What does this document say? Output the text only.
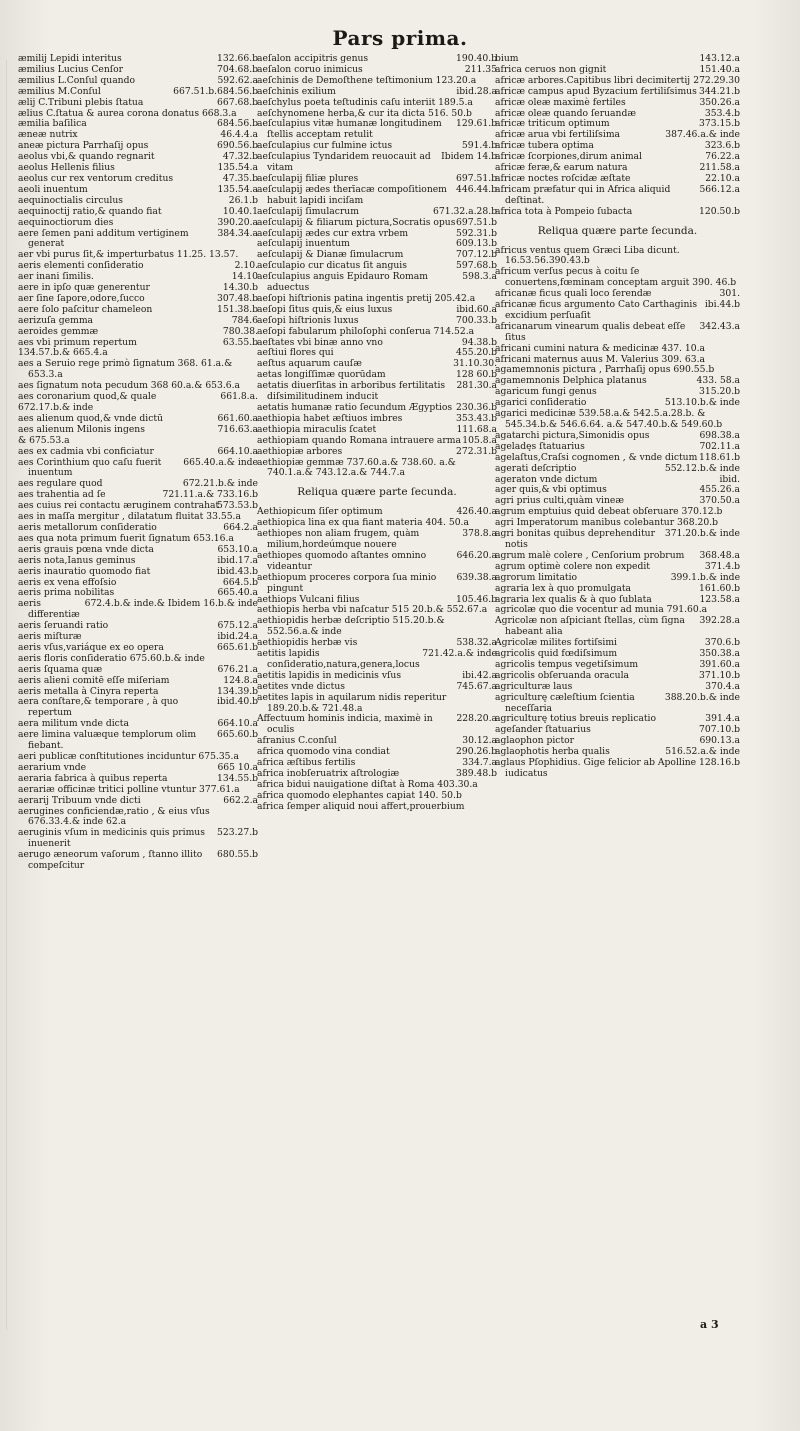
Pars prima.
132.66.b
æmilij Lepidi interitus
704.68.b
æmilius Lucius Cenſor
592.62.a
æmilius L.Conſul quando
667.51.b.684.56.b
æmilius M.Conſul
667.68.b
ælij C.Tribuni plebis ſtatua
ælius C.ſtatua & aurea corona donatus 668.3.a
684.56.b
æmilia baſilica
46.4.4.a
æneæ nutrix
690.56.b
aneæ pictura Parrhaſij opus
47.32.b
aeolus vbi,& quando regnarit
135.54.a
aeolus Hellenis filius
47.35.b
aeolus cur rex ventorum creditus
135.54.a
aeoli inuentum
26.1.b
aequinoctialis circulus
10.40.1
aequinoctij ratio,& quando fiat
390.20.a
aequinoctiorum dies
384.34.a
aere ſemen pani additum vertiginem generat
aer vbi purus ſit,& imperturbatus 11.25. 13.57.
2.10.
aeris elementi conſideratio
14.10
aer inani ſimilis.
14.30.b
aere in ipſo quæ generentur
307.48.b
aer ſine ſapore,odore,ſucco
151.38.b
aere ſolo paſcitur chameleon
784.6
aerizuſa gemma
780.38.
aeroides gemmæ
63.55.b
aes vbi primum repertum
134.57.b.& 665.4.a
aes a Seruio rege primò ſignatum 368. 61.a.& 653.3.a
aes ſignatum nota pecudum 368 60.a.& 653.6.a
661.8.a.
aes coronarium quod,& quale
672.17.b.& inde
661.60.a
aes alienum quod,& vnde dictū
716.63.a
aes alienum Milonis ingens
& 675.53.a
664.10.a
aes ex cadmia vbi conficiatur
665.40.a.& inde
aes Corinthium quo caſu fuerit inuentum
672.21.b.& inde
aes regulare quod
721.11.a.& 733.16.b
aes trahentia ad ſe
573.53.b
aes cuius rei contactu æruginem contrahat
aes in maſſa mergitur , dilatatum fluitat 33.55.a
664.2.a
aeris metallorum conſideratio
aes qua nota primum fuerit ſignatum 653.16.a
653.10.a
aeris grauis pœna vnde dicta
ibid.17.a
aeris nota,Ianus geminus
ibid.43.b
aeris inauratio quomodo fiat
664.5.b
aeris ex vena effoſsio
665.40.a
aeris prima nobilitas
672.4.b.& inde.& Ibidem 16.b.& inde
aeris differentiæ
675.12.a
aeris ſeruandi ratio
ibid.24.a
aeris miſturæ
665.61.b
aeris vſus,variáque ex eo opera
aeris floris conſideratio 675.60.b.& inde
676.21.a
aeris ſquama quæ
124.8.a
aeris alieni comitē eſſe miſeriam
134.39.b
aeris metalla à Cinyra reperta
ibid.40.b
aera conſtare,& temporare , à quo repertum
664.10.a
aera militum vnde dicta
665.60.b
aere limina valuæque templorum olim fiebant.
aeri publicæ conſtitutiones inciduntur 675.35.a
665 10.a
aerarium vnde
134.55.b
aeraria fabrica à quibus reperta
aerariæ officinæ tritici polline vtuntur 377.61.a
662.2.a
aerarij Tribuum vnde dicti
aerugines conficiendæ,ratio , & eius vſus 676.33.4.& inde 62.a
523.27.b
aeruginis vſum in medicinis quis primus inuenerit
680.55.b
aerugo æneorum vaſorum , ſtanno illito compeſcitur
190.40.b
aeſalon accipitris genus
211.35
aeſalon coruo inimicus
aeſchinis de Demoſthene teſtimonium 123.20.a
ibid.28.a
aeſchinis exilium
aeſchylus poeta teſtudinis caſu interiit 189.5.a
aeſchynomene herba,& cur ita dicta 516. 50.b
129.61.b
aeſculapius vitæ humanæ longitudinem ſtellis acceptam retulit
591.4.b
aeſculapius cur fulmine ictus
Ibidem 14.b
aeſculapius Tyndaridem reuocauit ad vitam
697.51.b
aeſculapij filiæ plures
446.44.b
aeſculapij ædes therīacæ compoſitionem habuit lapidi inciſam
671.32.a.28.b
aeſculapij ſimulacrum
697.51.b
aeſculapij & filiarum pictura,Socratis opus
592.31.b
aeſculapij ædes cur extra vrbem
609.13.b
aeſculapij inuentum
707.12.b
aeſculapij & Dianæ ſimulacrum
597.68.b
aeſculapio cur dicatus ſit anguis
598.3.a
aeſculapius anguis Epidauro Romam aduectus
aeſopi hiſtrionis patina ingentis pretij 205.42.a
ibid.60.a
aeſopi ſitus quis,& eius luxus
700.33.b
aeſopi hiſtrionis luxus
aeſopi fabularum philoſophi conſerua 714.52.a
94.38.b
aeſtates vbi binæ anno vno
455.20.b
aeſtiui flores qui
31.10.30.
aeſtus aquarum cauſæ
128 60.b
aetas longiſſimæ quorūdam
281.30.a
aetatis diuerſitas in arboribus fertilitatis diſsimilitudinem inducit
230.36.b
aetatis humanæ ratio ſecundum Ægyptios
353.43.b
aethiopia habet æſtiuos imbres
111.68.a
aethiopia miraculis ſcatet
105.8.a
aethiopiam quando Romana intrauere arma
272.31.b
aethiopiæ arbores
aethiopiæ gemmæ 737.60.a.& 738.60. a.& 740.1.a.& 743.12.a.& 744.7.a
Reliqua quære parte ſecunda.
426.40.a
Aethiopicum ſiſer optimum
aethiopica lina ex qua fiant materia 404. 50.a
378.8.a
aethiopes non aliam frugem, quàm milium,hordeúmque nouere
646.20.a
aethiopes quomodo aſtantes omnino videantur
639.38.a
aethiopum proceres corpora ſua minio pingunt
105.46.b
aethiops Vulcani filius
aethiopis herba vbi naſcatur 515 20.b.& 552.67.a
aethiopidis herbæ deſcriptio 515.20.b.& 552.56.a.& inde
538.32.a
aethiopidis herbæ vis
721.42.a.& inde
aetitis lapidis conſideratio,natura,genera,locus
ibi.42.a
aetitis lapidis in medicinis vſus
745.67.a
aetites vnde dictus
aetites lapis in aquilarum nidis reperitur 189.20.b.& 721.48.a
228.20.a
Affectuum hominis indicia, maximè in oculis
30.12.a
afranius C.conſul
290.26.b
africa quomodo vina condiat
334.7.a
africa æſtibus fertilis
389.48.b
africa inobſeruatrix aſtrologiæ
africa bidui nauigatione diſtat à Roma 403.30.a
africa quomodo elephantes capiat 140. 50.b
africa ſemper aliquid noui affert,prouerbium
143.12.a
bium
151.40.a
africa ceruos non gignit
272.29.30
africæ arbores.Capitibus libri decimitertij
344.21.b
africæ campus apud Byzacium fertiliſsimus
350.26.a
africæ oleæ maximè fertiles
353.4.b
africæ oleæ quando ſeruandæ
373.15.b
africæ triticum optimum
387.46.a.& inde
africæ arua vbi fertiliſsima
323.6.b
africæ tubera optima
76.22.a
africæ ſcorpiones,dirum animal
211.58.a
africæ feræ,& earum natura
22.10.a
africæ noctes roſcidæ æſtate
566.12.a
africam præfatur qui in Africa aliquid deſtinat.
120.50.b
africa tota à Pompeio ſubacta
Reliqua quære parte ſecunda.
africus ventus quem Græci Liba dicunt. 16.53.56.390.43.b
africum verſus pecus à coitu ſe conuertens,fœminam conceptam arguit 390. 46.b
301.
africanæ ficus quali loco ſerendæ
ibi.44.b
africanæ ficus argumento Cato Carthaginis excidium perſuaſit
342.43.a
africanarum vinearum qualis debeat eſſe ſitus
africani cumini natura & medicinæ 437. 10.a
africani maternus auus M. Valerius 309. 63.a
agamemnonis pictura , Parrhaſij opus 690.55.b
433. 58.a
agamemnonis Delphica platanus
315.20.b
agaricum fungi genus
513.10.b.& inde
agarici conſideratio
agarici medicinæ 539.58.a.& 542.5.a.28.b. & 545.34.b.& 546.6.64. a.& 547.40.b.& 549.60.b
698.38.a
agatarchi pictura,Simonidis opus
702.11.a
ageladęs ſtatuarius
118.61.b
agelaſtus,Craſsi cognomen , & vnde dictum
552.12.b.& inde
agerati deſcriptio
ibid.
ageraton vnde dictum
455.26.a
ager quis,& vbi optimus
370.50.a
agri prius culti,quàm vineæ
agrum emptuius quid debeat obſeruare 370.12.b
agri Imperatorum manibus colebantur 368.20.b
371.20.b.& inde
agri bonitas quibus deprehenditur notis
368.48.a
agrum malè colere , Cenſorium probrum
371.4.b
agrum optimè colere non expedit
399.1.b.& inde
agrorum limitatio
161.60.b
agraria lex à quo promulgata
123.58.a
agraria lex qualis & à quo ſublata
agricolæ quo die vocentur ad munia 791.60.a
392.28.a
Agricolæ non aſpiciant ſtellas, cùm ſigna habeant alia
370.6.b
Agricolæ milites fortiſsimi
350.38.a
agricolis quid fœdiſsimum
391.60.a
agricolis tempus vegetiſsimum
371.10.b
agricolis obſeruanda oracula
370.4.a
agriculturæ laus
388.20.b.& inde
agriculturę cæleſtium ſcientia neceſſaria
391.4.a
agriculturę totius breuis replicatio
707.10.b
ageſander ſtatuarius
690.13.a
aglaophon pictor
516.52.a.& inde
aglaophotis herba qualis
128.16.b
aglaus Pſophidius. Gige felicior ab Apolline iudicatus
a 3
